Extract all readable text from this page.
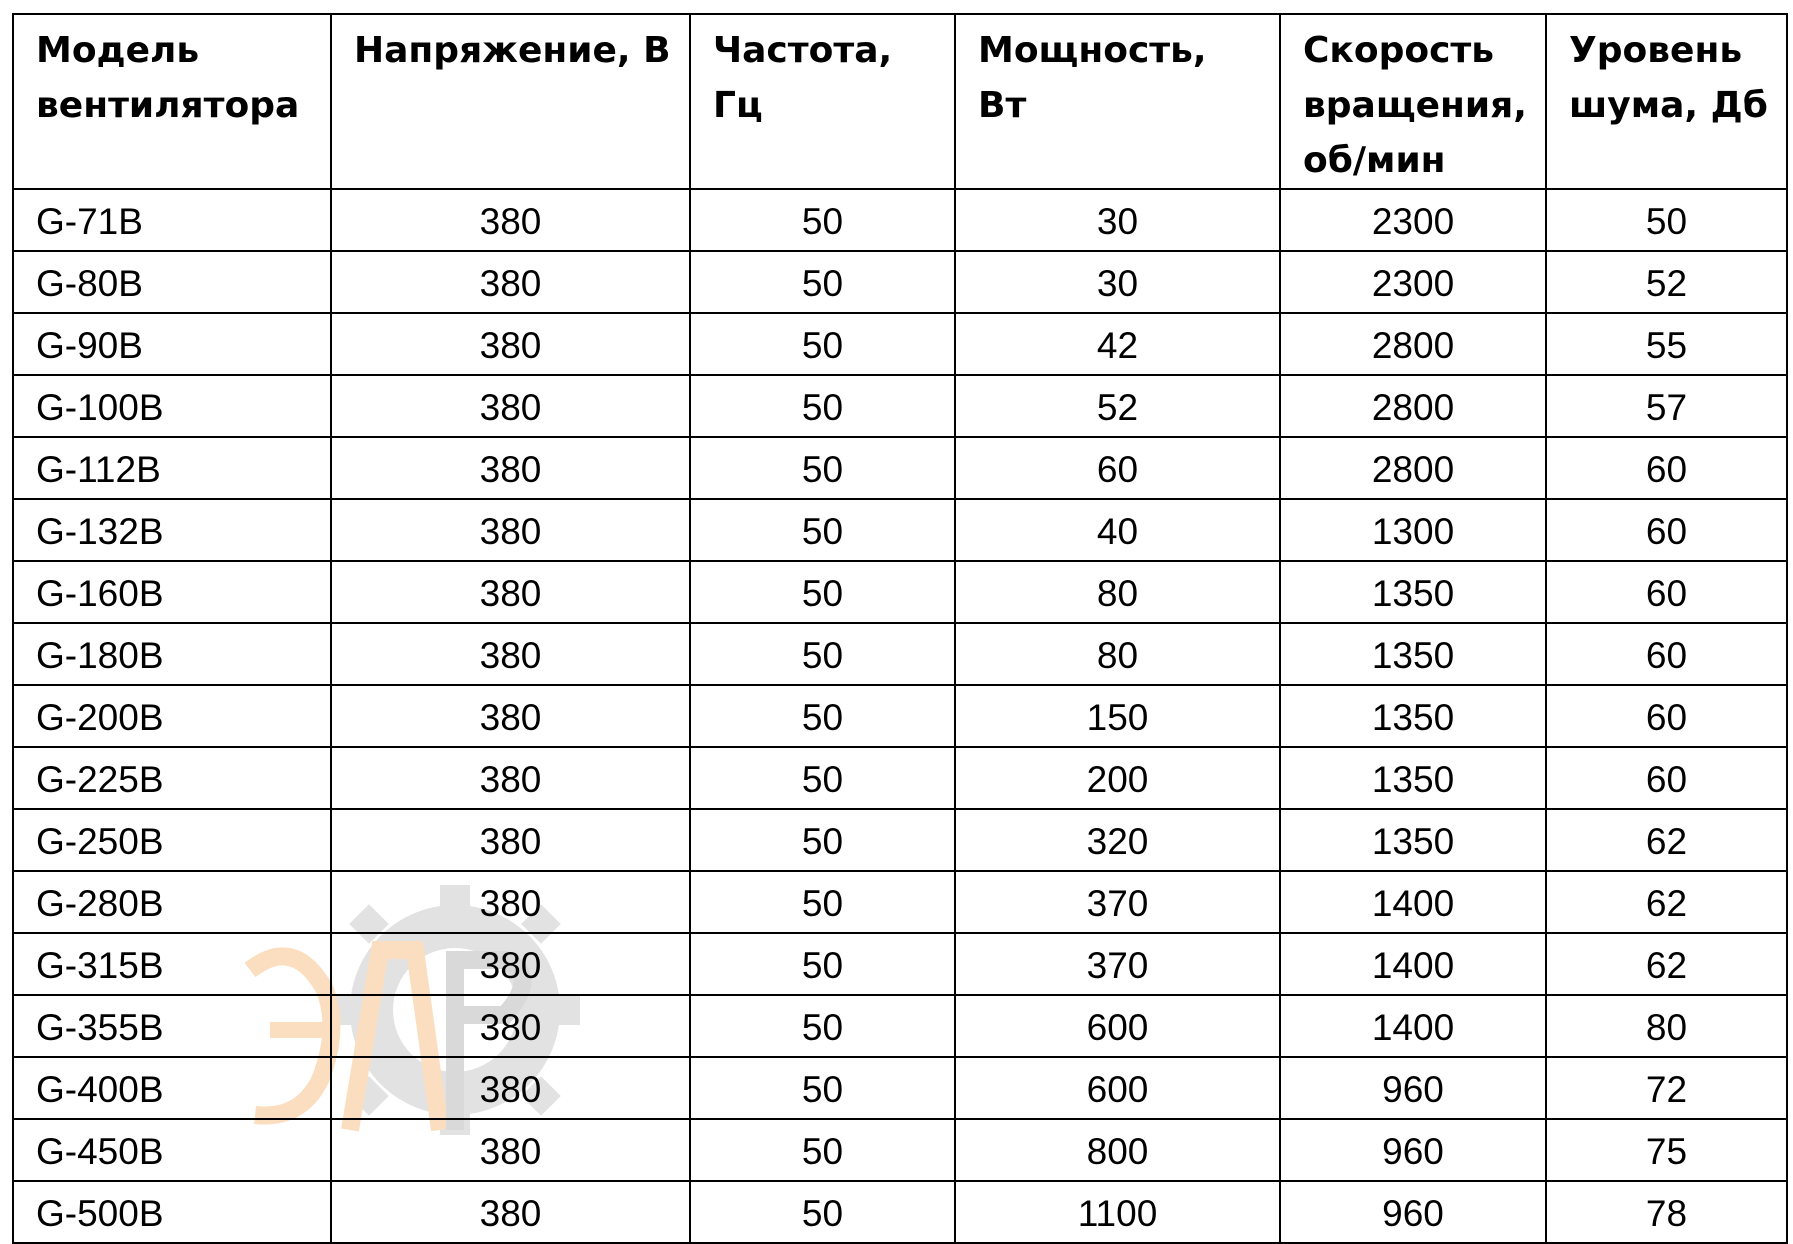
Модель вентилятора	Напряжение, В	Частота, Гц	Мощность, Вт	Скорость вращения, об/мин	Уровень шума, Дб
G-71B	380	50	30	2300	50
G-80B	380	50	30	2300	52
G-90B	380	50	42	2800	55
G-100B	380	50	52	2800	57
G-112B	380	50	60	2800	60
G-132B	380	50	40	1300	60
G-160B	380	50	80	1350	60
G-180B	380	50	80	1350	60
G-200B	380	50	150	1350	60
G-225B	380	50	200	1350	60
G-250B	380	50	320	1350	62
G-280B	380	50	370	1400	62
G-315B	380	50	370	1400	62
G-355B	380	50	600	1400	80
G-400B	380	50	600	960	72
G-450B	380	50	800	960	75
G-500B	380	50	1100	960	78
